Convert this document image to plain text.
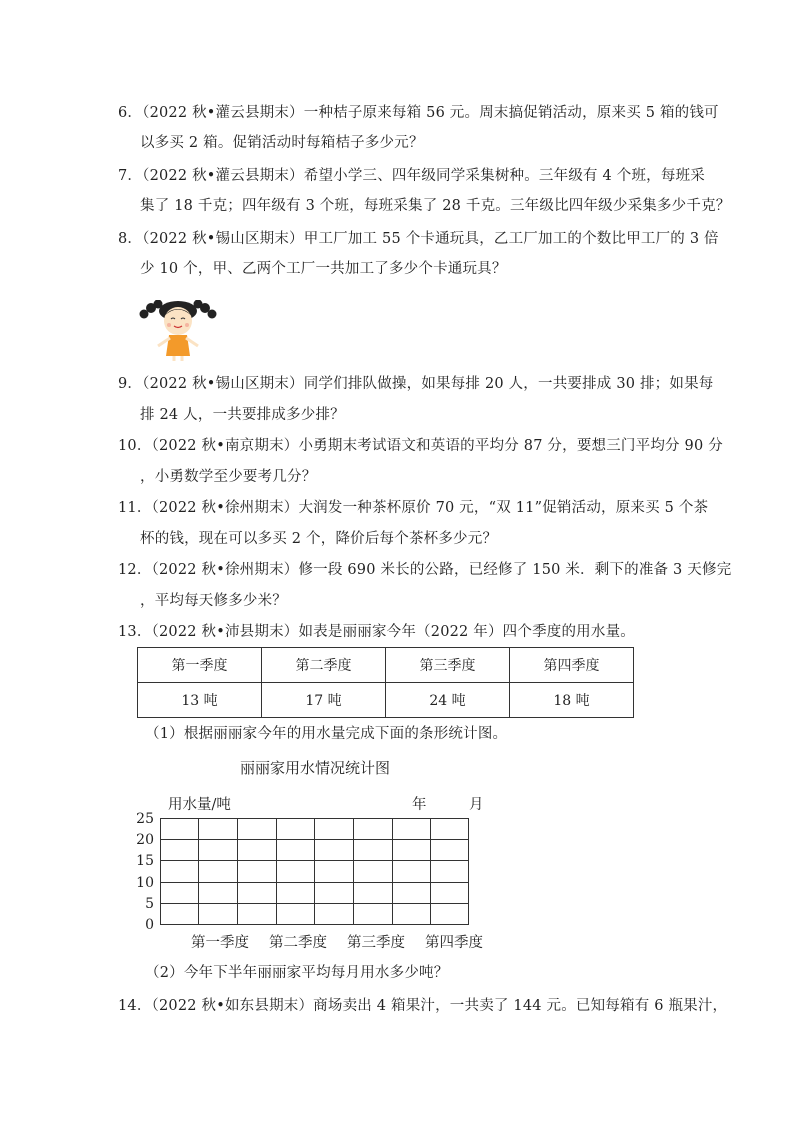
6．（2022 秋•灌云县期末）一种桔子原来每箱 56 元。周末搞促销活动，原来买 5 箱的钱可
以多买 2 箱。促销活动时每箱桔子多少元？
7．（2022 秋•灌云县期末）希望小学三、四年级同学采集树种。三年级有 4 个班，每班采
集了 18 千克；四年级有 3 个班，每班采集了 28 千克。三年级比四年级少采集多少千克？
8．（2022 秋•锡山区期末）甲工厂加工 55 个卡通玩具，乙工厂加工的个数比甲工厂的 3 倍
少 10 个，甲、乙两个工厂一共加工了多少个卡通玩具？
9．（2022 秋•锡山区期末）同学们排队做操，如果每排 20 人，一共要排成 30 排；如果每
排 24 人，一共要排成多少排？
10．（2022 秋•南京期末）小勇期末考试语文和英语的平均分 87 分，要想三门平均分 90 分
，小勇数学至少要考几分？
11．（2022 秋•徐州期末）大润发一种茶杯原价 70 元，“双 11”促销活动，原来买 5 个茶
杯的钱，现在可以多买 2 个，降价后每个茶杯多少元？
12．（2022 秋•徐州期末）修一段 690 米长的公路，已经修了 150 米．剩下的准备 3 天修完
，平均每天修多少米？
13．（2022 秋•沛县期末）如表是丽丽家今年（2022 年）四个季度的用水量。
第一季度	第二季度	第三季度	第四季度
13 吨	17 吨	24 吨	18 吨
（1）根据丽丽家今年的用水量完成下面的条形统计图。
丽丽家用水情况统计图
用水量/吨	年	月
25
20
15
10
5
0
第一季度 第二季度 第三季度 第四季度
（2）今年下半年丽丽家平均每月用水多少吨？
14．（2022 秋•如东县期末）商场卖出 4 箱果汁，一共卖了 144 元。已知每箱有 6 瓶果汁，
